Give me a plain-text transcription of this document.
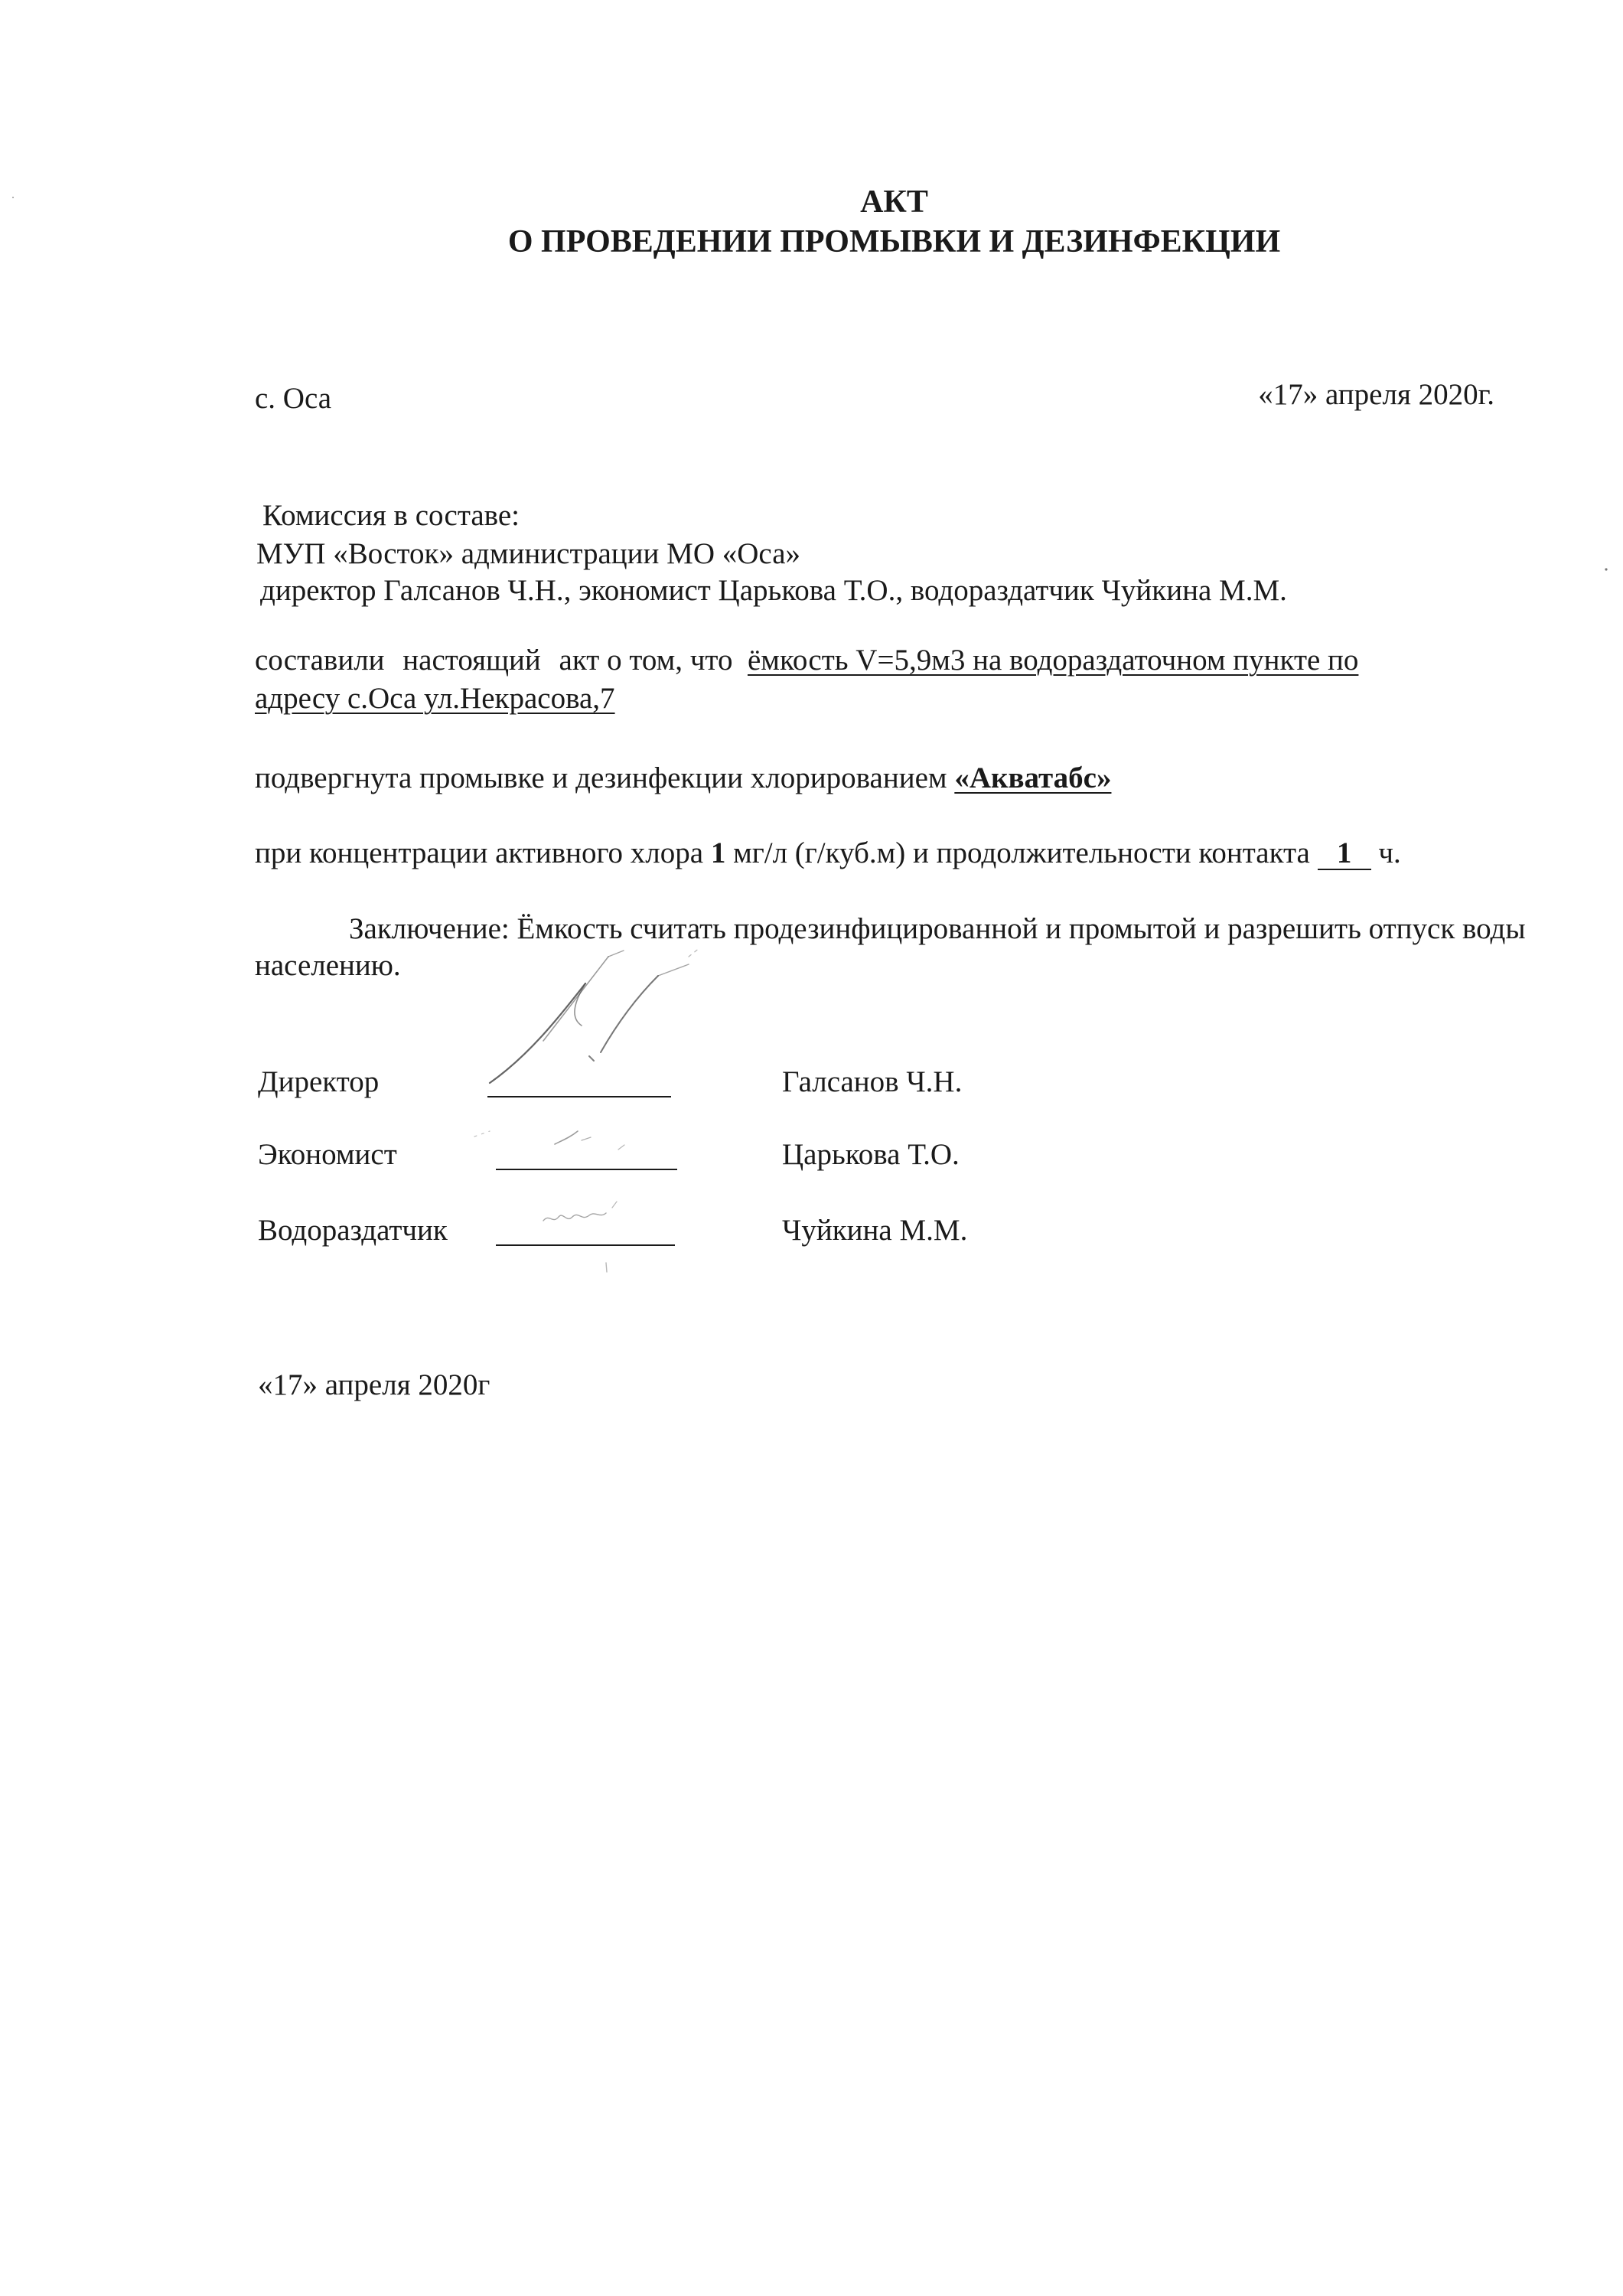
АКТ
О ПРОВЕДЕНИИ ПРОМЫВКИ И ДЕЗИНФЕКЦИИ
с. Оса	«17» апреля 2020г.
Комиссия в составе:
МУП «Восток» администрации МО «Оса»
директор Галсанов Ч.Н., экономист Царькова Т.О., водораздатчик Чуйкина М.М.

составили настоящий акт о том, что ёмкость V=5,9м3 на водораздаточном пункте по
адресу с.Оса ул.Некрасова,7

подвергнута промывке и дезинфекции хлорированием «Акватабс»
при концентрации активного хлора 1 мг/л (г/куб.м) и продолжительности контакта 1 ч.

Заключение: Ёмкость считать продезинфицированной и промытой и разрешить отпуск воды населению.

Директор	Галсанов Ч.Н.
Экономист	Царькова Т.О.
Водораздатчик	Чуйкина М.М.
«17» апреля 2020г
